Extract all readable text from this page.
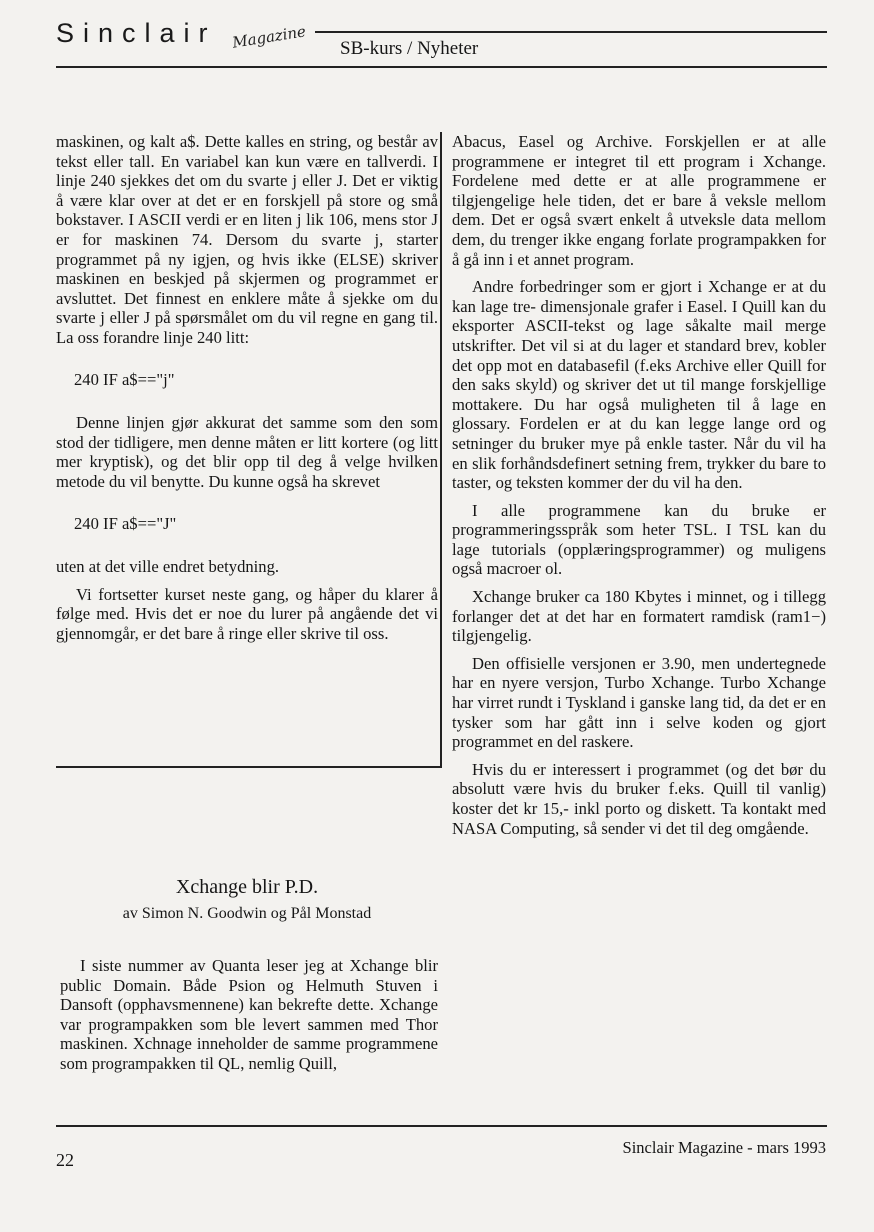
Sinclair Magazine SB-kurs / Nyheter

maskinen, og kalt a$. Dette kalles en string, og består av tekst eller tall. En variabel kan kun være en tallverdi. I linje 240 sjekkes det om du svarte j eller J. Det er viktig å være klar over at det er en forskjell på store og små bokstaver. I ASCII verdi er en liten j lik 106, mens stor J er for maskinen 74. Dersom du svarte j, starter programmet på ny igjen, og hvis ikke (ELSE) skriver maskinen en beskjed på skjermen og programmet er avsluttet. Det finnest en enklere måte å sjekke om du svarte j eller J på spørsmålet om du vil regne en gang til. La oss forandre linje 240 litt:

240 IF a$=="j"

Denne linjen gjør akkurat det samme som den som stod der tidligere, men denne måten er litt kortere (og litt mer kryptisk), og det blir opp til deg å velge hvilken metode du vil benytte. Du kunne også ha skrevet

240 IF a$=="J"

uten at det ville endret betydning.

Vi fortsetter kurset neste gang, og håper du klarer å følge med. Hvis det er noe du lurer på angående det vi gjennomgår, er det bare å ringe eller skrive til oss.

Xchange blir P.D.
av Simon N. Goodwin og Pål Monstad

I siste nummer av Quanta leser jeg at Xchange blir public Domain. Både Psion og Helmuth Stuven i Dansoft (opphavsmennene) kan bekrefte dette. Xchange var programpakken som ble levert sammen med Thor maskinen. Xchnage inneholder de samme programmene som programpakken til QL, nemlig Quill,

Abacus, Easel og Archive. Forskjellen er at alle programmene er integret til ett program i Xchange. Fordelene med dette er at alle programmene er tilgjengelige hele tiden, det er bare å veksle mellom dem. Det er også svært enkelt å utveksle data mellom dem, du trenger ikke engang forlate programpakken for å gå inn i et annet program.

Andre forbedringer som er gjort i Xchange er at du kan lage tre- dimensjonale grafer i Easel. I Quill kan du eksporter ASCII-tekst og lage såkalte mail merge utskrifter. Det vil si at du lager et standard brev, kobler det opp mot en databasefil (f.eks Archive eller Quill for den saks skyld) og skriver det ut til mange forskjellige mottakere. Du har også muligheten til å lage en glossary. Fordelen er at du kan legge lange ord og setninger du bruker mye på enkle taster. Når du vil ha en slik forhåndsdefinert setning frem, trykker du bare to taster, og teksten kommer der du vil ha den.

I alle programmene kan du bruke er programmeringsspråk som heter TSL. I TSL kan du lage tutorials (opplæringsprogrammer) og muligens også macroer ol.

Xchange bruker ca 180 Kbytes i minnet, og i tillegg forlanger det at det har en formatert ramdisk (ram1−) tilgjengelig.

Den offisielle versjonen er 3.90, men undertegnede har en nyere versjon, Turbo Xchange. Turbo Xchange har virret rundt i Tyskland i ganske lang tid, da det er en tysker som har gått inn i selve koden og gjort programmet en del raskere.

Hvis du er interessert i programmet (og det bør du absolutt være hvis du bruker f.eks. Quill til vanlig) koster det kr 15,- inkl porto og diskett. Ta kontakt med NASA Computing, så sender vi det til deg omgående.

22
Sinclair Magazine - mars 1993
